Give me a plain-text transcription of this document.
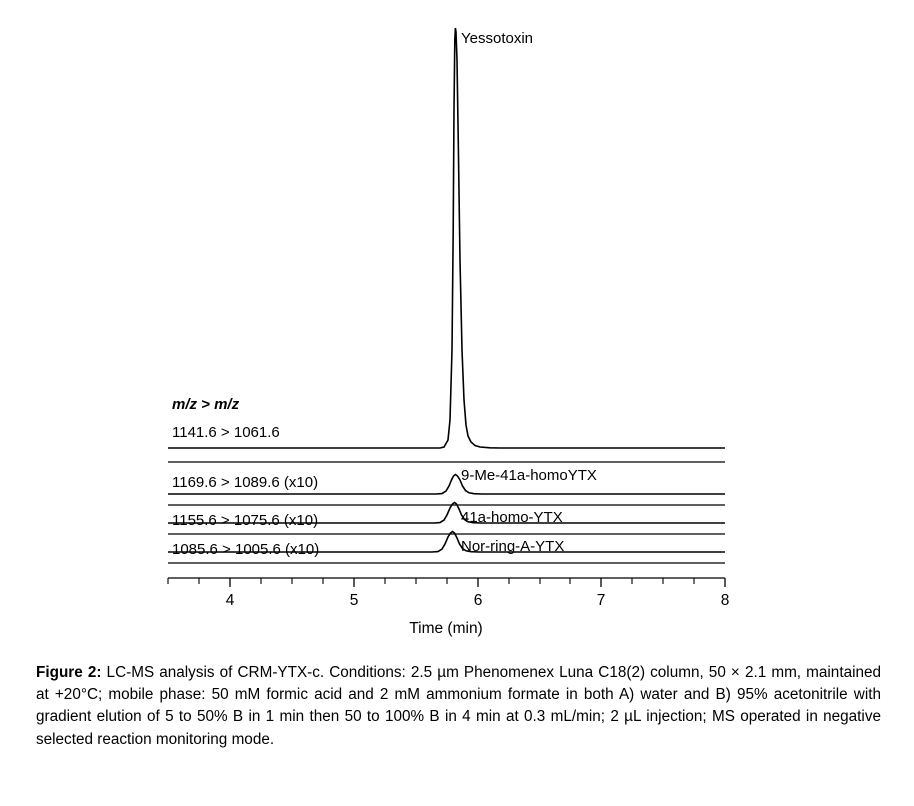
Yessotoxin
9-Me-41a-homoYTX
41a-homo-YTX
Nor-ring-A-YTX
m/z > m/z
1141.6 > 1061.6
1169.6 > 1089.6 (x10)
1155.6 > 1075.6 (x10)
1085.6 > 1005.6 (x10)
4	5	6	7	8
Time (min)
Figure 2: LC-MS analysis of CRM-YTX-c. Conditions: 2.5 µm Phenomenex Luna C18(2) column, 50 × 2.1 mm, maintained at +20°C; mobile phase: 50 mM formic acid and 2 mM ammonium formate in both A) water and B) 95% acetonitrile with gradient elution of 5 to 50% B in 1 min then 50 to 100% B in 4 min at 0.3 mL/min; 2 µL injection; MS operated in negative selected reaction monitoring mode.
